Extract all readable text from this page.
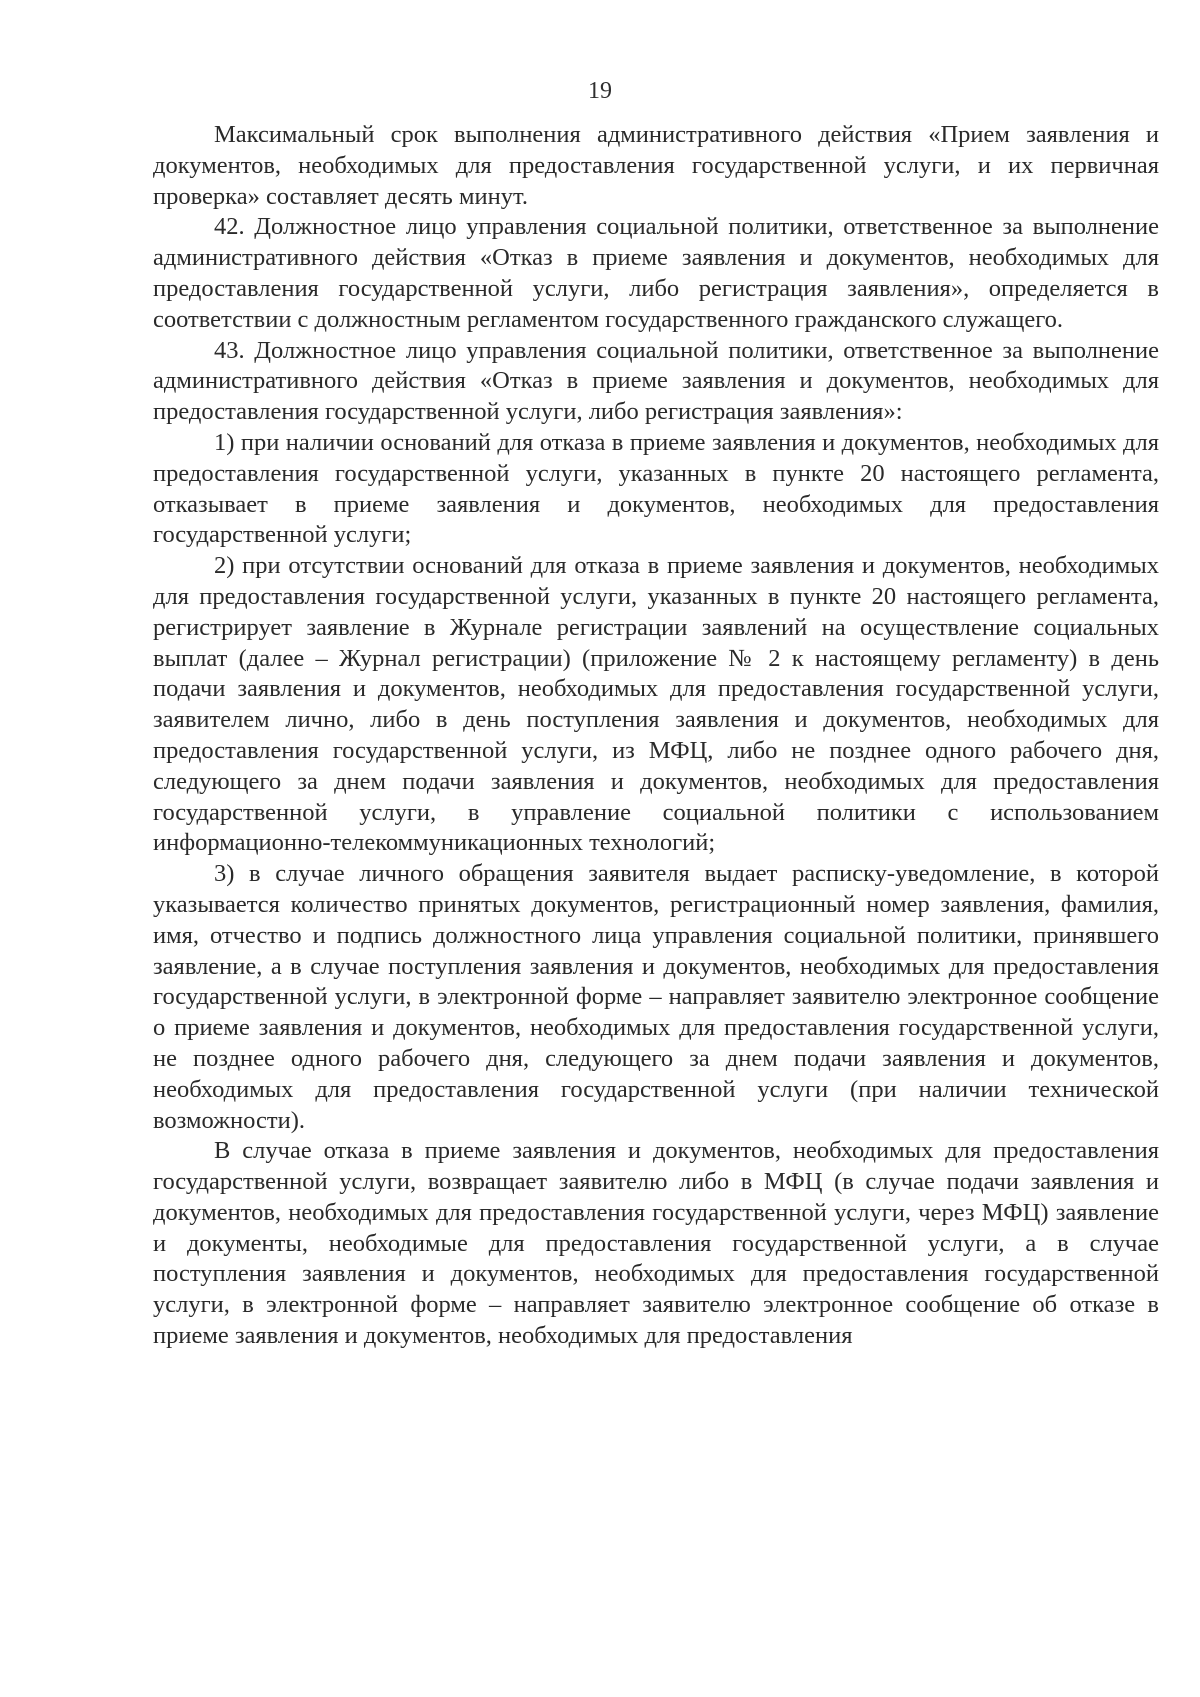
19

Максимальный срок выполнения административного действия «Прием заявления и документов, необходимых для предоставления государственной услуги, и их первичная проверка» составляет десять минут.

42. Должностное лицо управления социальной политики, ответственное за выполнение административного действия «Отказ в приеме заявления и документов, необходимых для предоставления государственной услуги, либо регистрация заявления», определяется в соответствии с должностным регламентом государственного гражданского служащего.

43. Должностное лицо управления социальной политики, ответственное за выполнение административного действия «Отказ в приеме заявления и документов, необходимых для предоставления государственной услуги, либо регистрация заявления»:

1) при наличии оснований для отказа в приеме заявления и документов, необходимых для предоставления государственной услуги, указанных в пункте 20 настоящего регламента, отказывает в приеме заявления и документов, необходимых для предоставления государственной услуги;

2) при отсутствии оснований для отказа в приеме заявления и документов, необходимых для предоставления государственной услуги, указанных в пункте 20 настоящего регламента, регистрирует заявление в Журнале регистрации заявлений на осуществление социальных выплат (далее – Журнал регистрации) (приложение № 2 к настоящему регламенту) в день подачи заявления и документов, необходимых для предоставления государственной услуги, заявителем лично, либо в день поступления заявления и документов, необходимых для предоставления государственной услуги, из МФЦ, либо не позднее одного рабочего дня, следующего за днем подачи заявления и документов, необходимых для предоставления государственной услуги, в управление социальной политики с использованием информационно-телекоммуникационных технологий;

3) в случае личного обращения заявителя выдает расписку-уведомление, в которой указывается количество принятых документов, регистрационный номер заявления, фамилия, имя, отчество и подпись должностного лица управления социальной политики, принявшего заявление, а в случае поступления заявления и документов, необходимых для предоставления государственной услуги, в электронной форме – направляет заявителю электронное сообщение о приеме заявления и документов, необходимых для предоставления государственной услуги, не позднее одного рабочего дня, следующего за днем подачи заявления и документов, необходимых для предоставления государственной услуги (при наличии технической возможности).

В случае отказа в приеме заявления и документов, необходимых для предоставления государственной услуги, возвращает заявителю либо в МФЦ (в случае подачи заявления и документов, необходимых для предоставления государственной услуги, через МФЦ) заявление и документы, необходимые для предоставления государственной услуги, а в случае поступления заявления и документов, необходимых для предоставления государственной услуги, в электронной форме – направляет заявителю электронное сообщение об отказе в приеме заявления и документов, необходимых для предоставления
